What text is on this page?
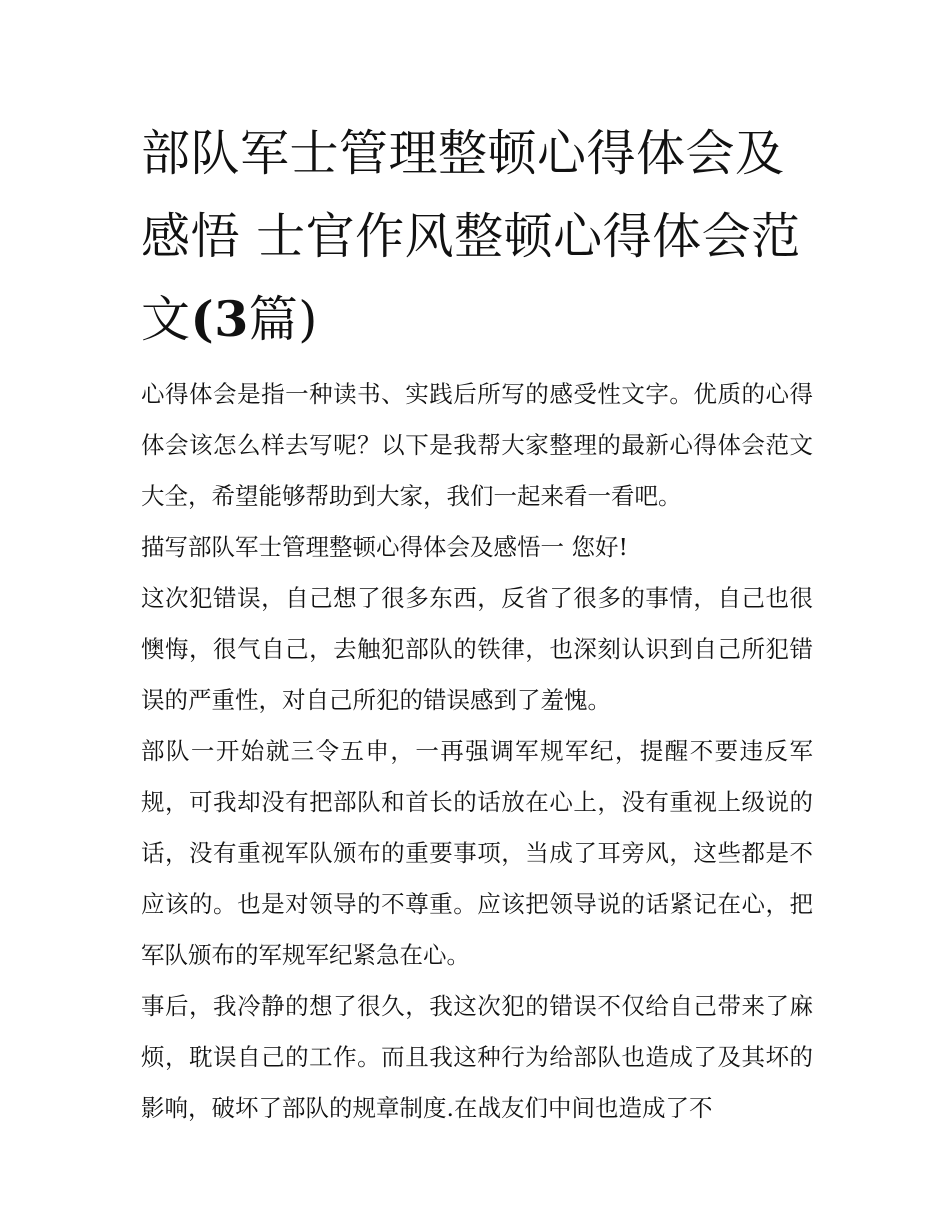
部队军士管理整顿心得体会及感悟 士官作风整顿心得体会范文(3篇)

心得体会是指一种读书、实践后所写的感受性文字。优质的心得体会该怎么样去写呢？以下是我帮大家整理的最新心得体会范文大全，希望能够帮助到大家，我们一起来看一看吧。

描写部队军士管理整顿心得体会及感悟一 您好!

这次犯错误，自己想了很多东西，反省了很多的事情，自己也很懊悔，很气自己，去触犯部队的铁律，也深刻认识到自己所犯错误的严重性，对自己所犯的错误感到了羞愧。

部队一开始就三令五申，一再强调军规军纪，提醒不要违反军规，可我却没有把部队和首长的话放在心上，没有重视上级说的话，没有重视军队颁布的重要事项，当成了耳旁风，这些都是不应该的。也是对领导的不尊重。应该把领导说的话紧记在心，把军队颁布的军规军纪紧急在心。

事后，我冷静的想了很久，我这次犯的错误不仅给自己带来了麻烦，耽误自己的工作。而且我这种行为给部队也造成了及其坏的影响，破坏了部队的规章制度.在战友们中间也造成了不
